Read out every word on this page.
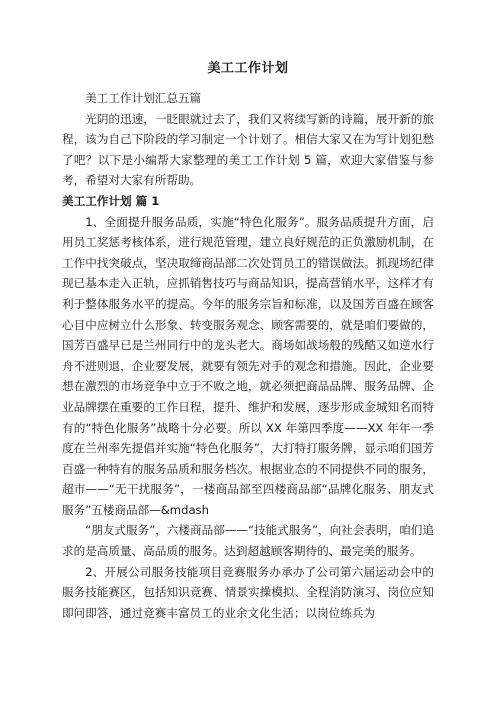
美工工作计划

美工工作计划汇总五篇

光阴的迅速，一眨眼就过去了，我们又将续写新的诗篇，展开新的旅程，该为自己下阶段的学习制定一个计划了。相信大家又在为写计划犯愁了吧？以下是小编帮大家整理的美工工作计划 5 篇，欢迎大家借鉴与参考，希望对大家有所帮助。

美工工作计划 篇 1

1、全面提升服务品质，实施“特色化服务”。服务品质提升方面，启用员工奖惩考核体系，进行规范管理，建立良好规范的正负激励机制，在工作中找突破点，坚决取缔商品部二次处罚员工的错误做法。抓现场纪律现已基本走入正轨，应抓销售技巧与商品知识，提高营销水平，这样才有利于整体服务水平的提高。今年的服务宗旨和标准，以及国芳百盛在顾客心目中应树立什么形象、转变服务观念、顾客需要的，就是咱们要做的，国芳百盛早已是兰州同行中的龙头老大。商场如战场般的残酷又如逆水行舟不进则退，企业要发展，就要有领先对手的观念和措施。因此，企业要想在激烈的市场竞争中立于不败之地，就必须把商品品牌、服务品牌、企业品牌摆在重要的工作日程，提升、维护和发展，逐步形成金城知名而特有的“特色化服务”战略十分必要。所以 XX 年第四季度——XX 年年一季度在兰州率先提倡并实施“特色化服务”，大打特打服务牌，显示咱们国芳百盛一种特有的服务品质和服务档次。根据业态的不同提供不同的服务，超市——“无干扰服务”，一楼商品部至四楼商品部“品牌化服务、朋友式服务”五楼商品部—&mdash

“朋友式服务”，六楼商品部——“技能式服务”，向社会表明，咱们追求的是高质量、高品质的服务。达到超越顾客期待的、最完美的服务。

2、开展公司服务技能项目竞赛服务办承办了公司第六届运动会中的服务技能赛区，包括知识竞赛、情景实操模拟、全程消防演习、岗位应知即问即答，通过竞赛丰富员工的业余文化生活；以岗位练兵为
